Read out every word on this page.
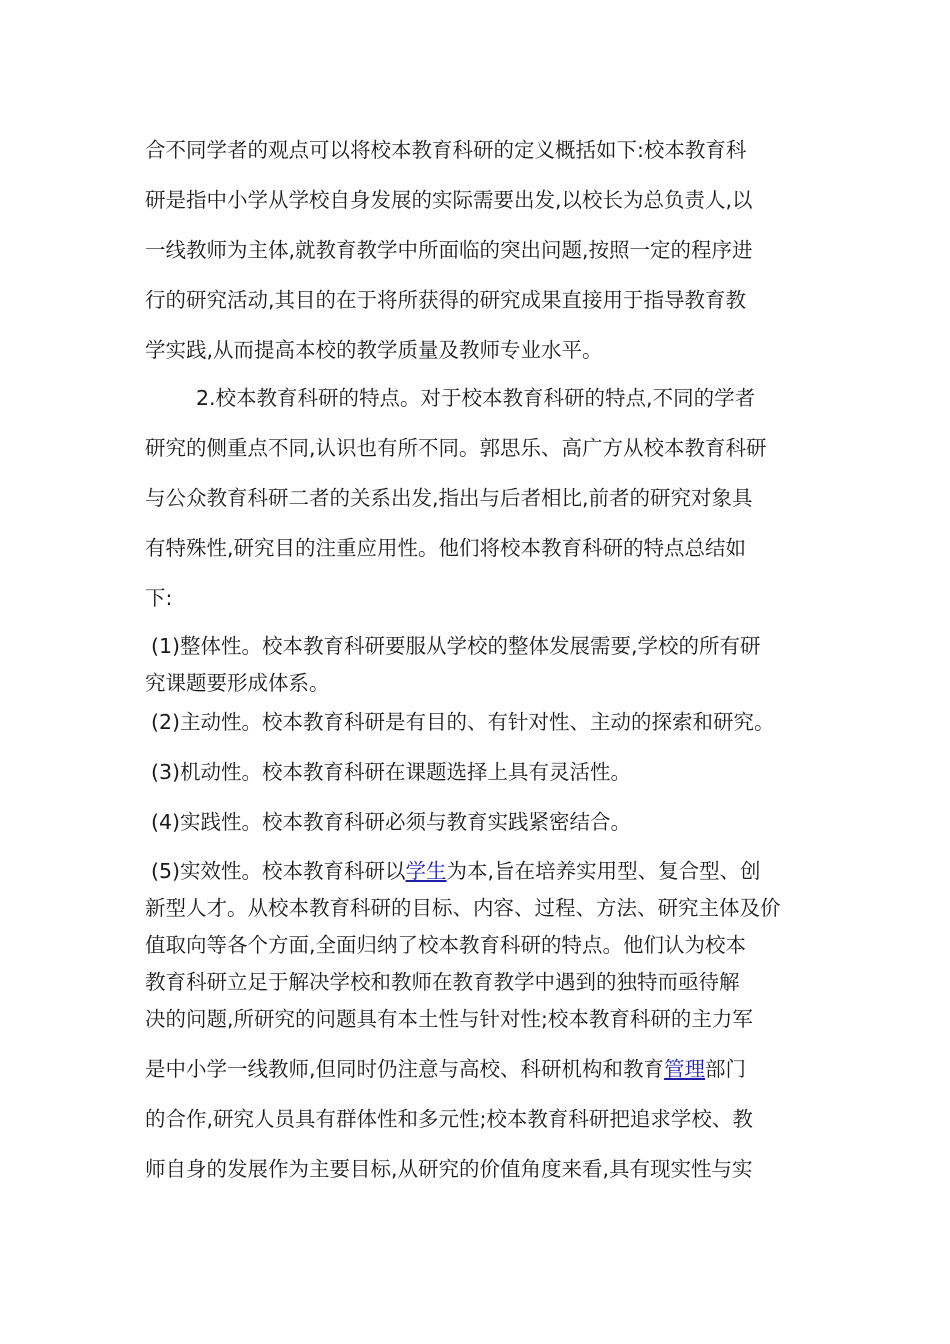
合不同学者的观点可以将校本教育科研的定义概括如下:校本教育科

研是指中小学从学校自身发展的实际需要出发,以校长为总负责人,以

一线教师为主体,就教育教学中所面临的突出问题,按照一定的程序进

行的研究活动,其目的在于将所获得的研究成果直接用于指导教育教

学实践,从而提高本校的教学质量及教师专业水平。

2.校本教育科研的特点。对于校本教育科研的特点,不同的学者

研究的侧重点不同,认识也有所不同。郭思乐、高广方从校本教育科研

与公众教育科研二者的关系出发,指出与后者相比,前者的研究对象具

有特殊性,研究目的注重应用性。他们将校本教育科研的特点总结如

下:

(1)整体性。校本教育科研要服从学校的整体发展需要,学校的所有研

究课题要形成体系。

(2)主动性。校本教育科研是有目的、有针对性、主动的探索和研究。

(3)机动性。校本教育科研在课题选择上具有灵活性。

(4)实践性。校本教育科研必须与教育实践紧密结合。

(5)实效性。校本教育科研以学生为本,旨在培养实用型、复合型、创

新型人才。从校本教育科研的目标、内容、过程、方法、研究主体及价

值取向等各个方面,全面归纳了校本教育科研的特点。他们认为校本

教育科研立足于解决学校和教师在教育教学中遇到的独特而亟待解

决的问题,所研究的问题具有本土性与针对性;校本教育科研的主力军

是中小学一线教师,但同时仍注意与高校、科研机构和教育管理部门

的合作,研究人员具有群体性和多元性;校本教育科研把追求学校、教

师自身的发展作为主要目标,从研究的价值角度来看,具有现实性与实
